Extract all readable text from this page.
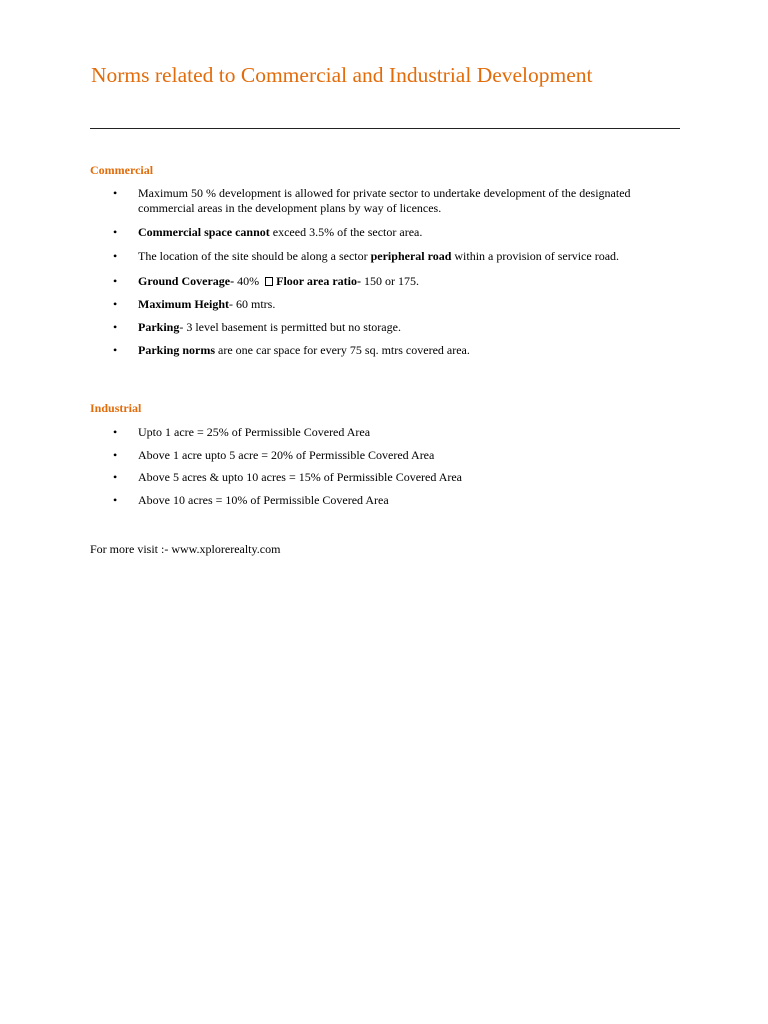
Norms related to Commercial and Industrial Development
Commercial
• Maximum 50 % development is allowed for private sector to undertake development of the designated commercial areas in the development plans by way of licences.
• Commercial space cannot exceed 3.5% of the sector area.
• The location of the site should be along a sector peripheral road within a provision of service road.
• Ground Coverage- 40% Floor area ratio- 150 or 175.
• Maximum Height- 60 mtrs.
• Parking- 3 level basement is permitted but no storage.
• Parking norms are one car space for every 75 sq. mtrs covered area.
Industrial
• Upto 1 acre = 25% of Permissible Covered Area
• Above 1 acre upto 5 acre = 20% of Permissible Covered Area
• Above 5 acres & upto 10 acres = 15% of Permissible Covered Area
• Above 10 acres = 10% of Permissible Covered Area

For more visit :- www.xplorerealty.com
